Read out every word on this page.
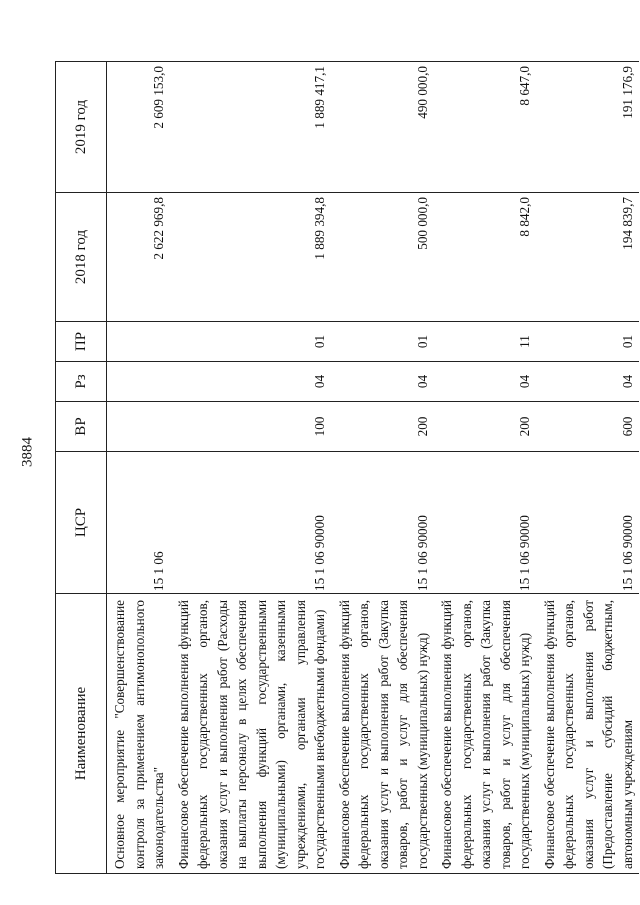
3884
Наименование	ЦСР	ВР	Рз	ПР	2018 год	2019 год
Основное мероприятие "Совершенствование контроля за применением антимонопольного законодательства"	15 1 06				2 622 969,8	2 609 153,0
Финансовое обеспечение выполнения функций федеральных государственных органов, оказания услуг и выполнения работ (Расходы на выплаты персоналу в целях обеспечения выполнения функций государственными (муниципальными) органами, казенными учреждениями, органами управления государственными внебюджетными фондами)	15 1 06 90000	100	04	01	1 889 394,8	1 889 417,1
Финансовое обеспечение выполнения функций федеральных государственных органов, оказания услуг и выполнения работ (Закупка товаров, работ и услуг для обеспечения государственных (муниципальных) нужд)	15 1 06 90000	200	04	01	500 000,0	490 000,0
Финансовое обеспечение выполнения функций федеральных государственных органов, оказания услуг и выполнения работ (Закупка товаров, работ и услуг для обеспечения государственных (муниципальных) нужд)	15 1 06 90000	200	04	11	8 842,0	8 647,0
Финансовое обеспечение выполнения функций федеральных государственных органов, оказания услуг и выполнения работ (Предоставление субсидий бюджетным, автономным учреждениям	15 1 06 90000	600	04	01	194 839,7	191 176,9
